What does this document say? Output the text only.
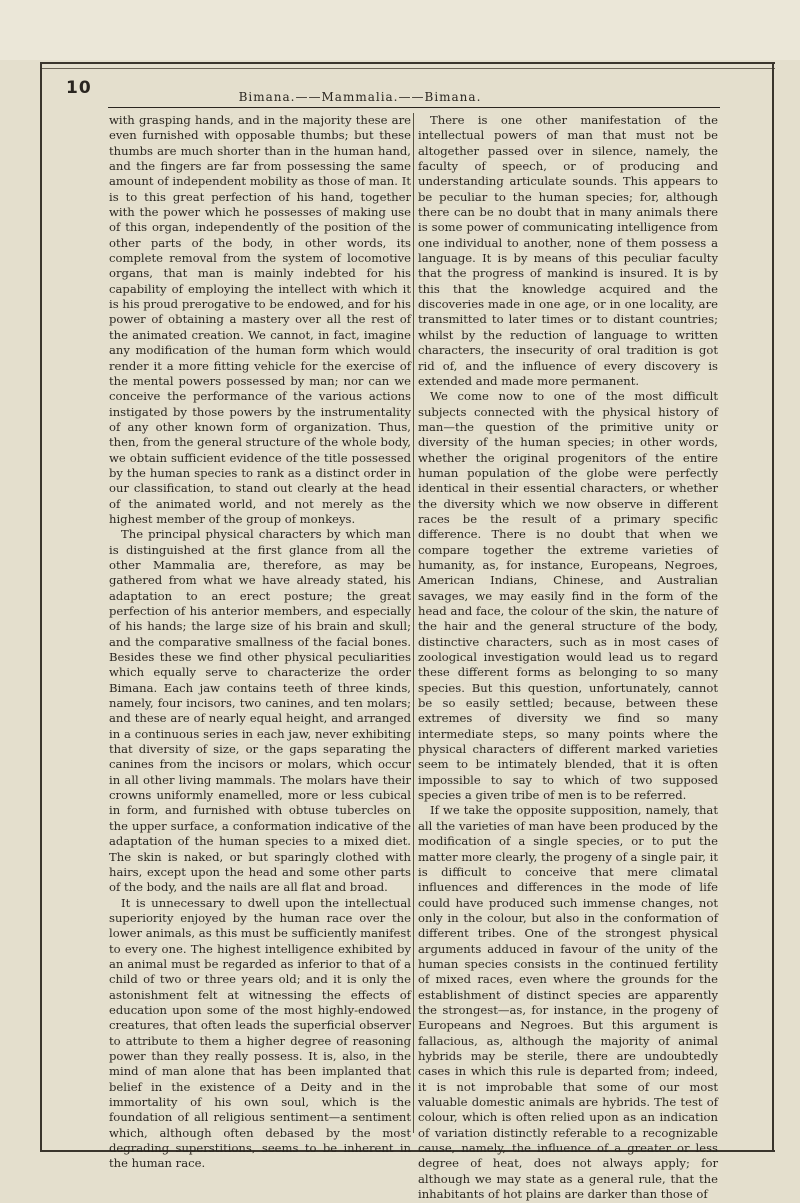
10	Bimana.——Mammalia.——Bimana.

with grasping hands, and in the majority these are even furnished with opposable thumbs; but these thumbs are much shorter than in the human hand, and the fingers are far from possessing the same amount of independent mobility as those of man. It is to this great perfection of his hand, together with the power which he possesses of making use of this organ, independently of the position of the other parts of the body, in other words, its complete removal from the system of locomotive organs, that man is mainly indebted for his capability of employing the intellect with which it is his proud prerogative to be endowed, and for his power of obtaining a mastery over all the rest of the animated creation. We cannot, in fact, imagine any modification of the human form which would render it a more fitting vehicle for the exercise of the mental powers possessed by man; nor can we conceive the performance of the various actions instigated by those powers by the instrumentality of any other known form of organization. Thus, then, from the general structure of the whole body, we obtain sufficient evidence of the title possessed by the human species to rank as a distinct order in our classification, to stand out clearly at the head of the animated world, and not merely as the highest member of the group of monkeys.

The principal physical characters by which man is distinguished at the first glance from all the other Mammalia are, therefore, as may be gathered from what we have already stated, his adaptation to an erect posture; the great perfection of his anterior members, and especially of his hands; the large size of his brain and skull; and the comparative smallness of the facial bones. Besides these we find other physical peculiarities which equally serve to characterize the order Bimana. Each jaw contains teeth of three kinds, namely, four incisors, two canines, and ten molars; and these are of nearly equal height, and arranged in a continuous series in each jaw, never exhibiting that diversity of size, or the gaps separating the canines from the incisors or molars, which occur in all other living mammals. The molars have their crowns uniformly enamelled, more or less cubical in form, and furnished with obtuse tubercles on the upper surface, a conformation indicative of the adaptation of the human species to a mixed diet. The skin is naked, or but sparingly clothed with hairs, except upon the head and some other parts of the body, and the nails are all flat and broad.

It is unnecessary to dwell upon the intellectual superiority enjoyed by the human race over the lower animals, as this must be sufficiently manifest to every one. The highest intelligence exhibited by an animal must be regarded as inferior to that of a child of two or three years old; and it is only the astonishment felt at witnessing the effects of education upon some of the most highly-endowed creatures, that often leads the superficial observer to attribute to them a higher degree of reasoning power than they really possess. It is, also, in the mind of man alone that has been implanted that belief in the existence of a Deity and in the immortality of his own soul, which is the foundation of all religious sentiment—a sentiment which, although often debased by the most degrading superstitions, seems to be inherent in the human race.

There is one other manifestation of the intellectual powers of man that must not be altogether passed over in silence, namely, the faculty of speech, or of producing and understanding articulate sounds. This appears to be peculiar to the human species; for, although there can be no doubt that in many animals there is some power of communicating intelligence from one individual to another, none of them possess a language. It is by means of this peculiar faculty that the progress of mankind is insured. It is by this that the knowledge acquired and the discoveries made in one age, or in one locality, are transmitted to later times or to distant countries; whilst by the reduction of language to written characters, the insecurity of oral tradition is got rid of, and the influence of every discovery is extended and made more permanent.

We come now to one of the most difficult subjects connected with the physical history of man—the question of the primitive unity or diversity of the human species; in other words, whether the original progenitors of the entire human population of the globe were perfectly identical in their essential characters, or whether the diversity which we now observe in different races be the result of a primary specific difference. There is no doubt that when we compare together the extreme varieties of humanity, as, for instance, Europeans, Negroes, American Indians, Chinese, and Australian savages, we may easily find in the form of the head and face, the colour of the skin, the nature of the hair and the general structure of the body, distinctive characters, such as in most cases of zoological investigation would lead us to regard these different forms as belonging to so many species. But this question, unfortunately, cannot be so easily settled; because, between these extremes of diversity we find so many intermediate steps, so many points where the physical characters of different marked varieties seem to be intimately blended, that it is often impossible to say to which of two supposed species a given tribe of men is to be referred.

If we take the opposite supposition, namely, that all the varieties of man have been produced by the modification of a single species, or to put the matter more clearly, the progeny of a single pair, it is difficult to conceive that mere climatal influences and differences in the mode of life could have produced such immense changes, not only in the colour, but also in the conformation of different tribes. One of the strongest physical arguments adduced in favour of the unity of the human species consists in the continued fertility of mixed races, even where the grounds for the establishment of distinct species are apparently the strongest—as, for instance, in the progeny of Europeans and Negroes. But this argument is fallacious, as, although the majority of animal hybrids may be sterile, there are undoubtedly cases in which this rule is departed from; indeed, it is not improbable that some of our most valuable domestic animals are hybrids. The test of colour, which is often relied upon as an indication of variation distinctly referable to a recognizable cause, namely, the influence of a greater or less degree of heat, does not always apply; for although we may state as a general rule, that the inhabitants of hot plains are darker than those of
